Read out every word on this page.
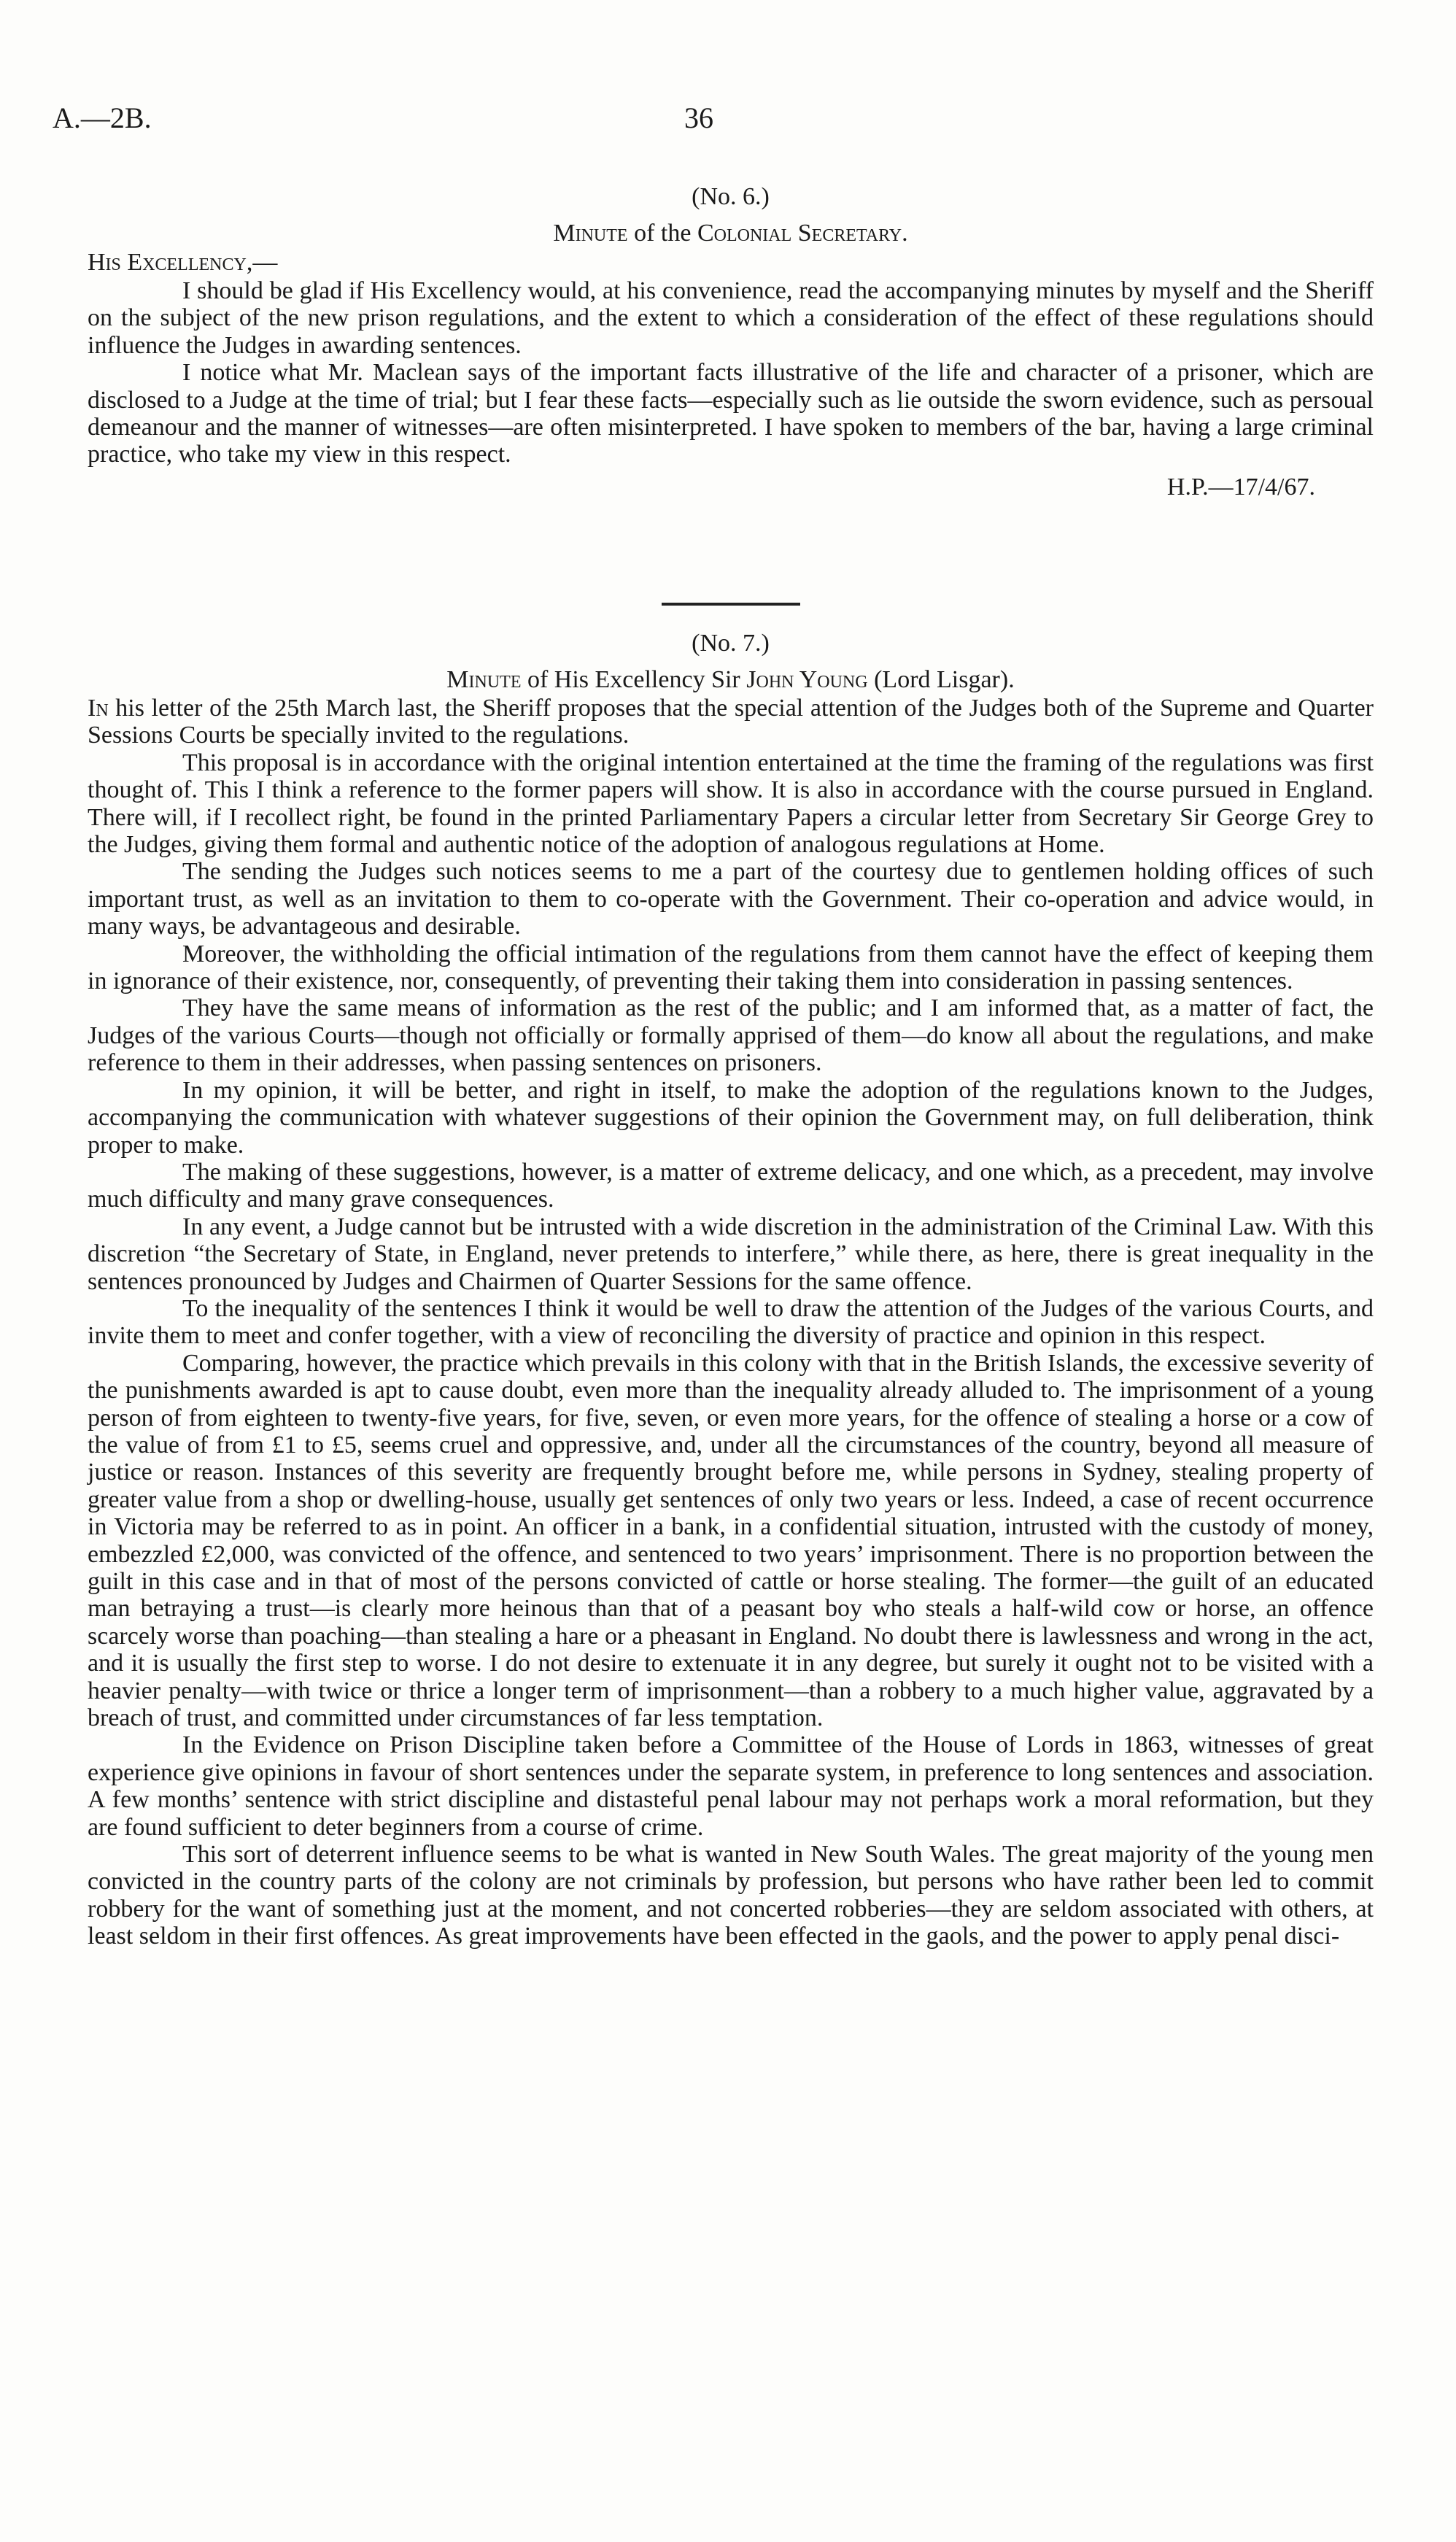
A.—2B.	36
(No. 6.)
Minute of the Colonial Secretary.
His Excellency,—

I should be glad if His Excellency would, at his convenience, read the accompanying minutes by myself and the Sheriff on the subject of the new prison regulations, and the extent to which a consideration of the effect of these regulations should influence the Judges in awarding sentences.

I notice what Mr. Maclean says of the important facts illustrative of the life and character of a prisoner, which are disclosed to a Judge at the time of trial; but I fear these facts—especially such as lie outside the sworn evidence, such as persoual demeanour and the manner of witnesses—are often misinterpreted. I have spoken to members of the bar, having a large criminal practice, who take my view in this respect.

H.P.—17/4/67.
(No. 7.)
Minute of His Excellency Sir John Young (Lord Lisgar).

In his letter of the 25th March last, the Sheriff proposes that the special attention of the Judges both of the Supreme and Quarter Sessions Courts be specially invited to the regulations.

This proposal is in accordance with the original intention entertained at the time the framing of the regulations was first thought of. This I think a reference to the former papers will show. It is also in accordance with the course pursued in England. There will, if I recollect right, be found in the printed Parliamentary Papers a circular letter from Secretary Sir George Grey to the Judges, giving them formal and authentic notice of the adoption of analogous regulations at Home.

The sending the Judges such notices seems to me a part of the courtesy due to gentlemen holding offices of such important trust, as well as an invitation to them to co-operate with the Government. Their co-operation and advice would, in many ways, be advantageous and desirable.

Moreover, the withholding the official intimation of the regulations from them cannot have the effect of keeping them in ignorance of their existence, nor, consequently, of preventing their taking them into consideration in passing sentences.

They have the same means of information as the rest of the public; and I am informed that, as a matter of fact, the Judges of the various Courts—though not officially or formally apprised of them—do know all about the regulations, and make reference to them in their addresses, when passing sentences on prisoners.

In my opinion, it will be better, and right in itself, to make the adoption of the regulations known to the Judges, accompanying the communication with whatever suggestions of their opinion the Government may, on full deliberation, think proper to make.

The making of these suggestions, however, is a matter of extreme delicacy, and one which, as a precedent, may involve much difficulty and many grave consequences.

In any event, a Judge cannot but be intrusted with a wide discretion in the administration of the Criminal Law. With this discretion “the Secretary of State, in England, never pretends to interfere,” while there, as here, there is great inequality in the sentences pronounced by Judges and Chairmen of Quarter Sessions for the same offence.

To the inequality of the sentences I think it would be well to draw the attention of the Judges of the various Courts, and invite them to meet and confer together, with a view of reconciling the diversity of practice and opinion in this respect.

Comparing, however, the practice which prevails in this colony with that in the British Islands, the excessive severity of the punishments awarded is apt to cause doubt, even more than the inequality already alluded to. The imprisonment of a young person of from eighteen to twenty-five years, for five, seven, or even more years, for the offence of stealing a horse or a cow of the value of from £1 to £5, seems cruel and oppressive, and, under all the circumstances of the country, beyond all measure of justice or reason. Instances of this severity are frequently brought before me, while persons in Sydney, stealing property of greater value from a shop or dwelling-house, usually get sentences of only two years or less. Indeed, a case of recent occurrence in Victoria may be referred to as in point. An officer in a bank, in a confidential situation, intrusted with the custody of money, embezzled £2,000, was convicted of the offence, and sentenced to two years’ imprisonment. There is no proportion between the guilt in this case and in that of most of the persons convicted of cattle or horse stealing. The former—the guilt of an educated man betraying a trust—is clearly more heinous than that of a peasant boy who steals a half-wild cow or horse, an offence scarcely worse than poaching—than stealing a hare or a pheasant in England. No doubt there is lawlessness and wrong in the act, and it is usually the first step to worse. I do not desire to extenuate it in any degree, but surely it ought not to be visited with a heavier penalty—with twice or thrice a longer term of imprisonment—than a robbery to a much higher value, aggravated by a breach of trust, and committed under circumstances of far less temptation.

In the Evidence on Prison Discipline taken before a Committee of the House of Lords in 1863, witnesses of great experience give opinions in favour of short sentences under the separate system, in preference to long sentences and association. A few months’ sentence with strict discipline and distasteful penal labour may not perhaps work a moral reformation, but they are found sufficient to deter beginners from a course of crime.

This sort of deterrent influence seems to be what is wanted in New South Wales. The great majority of the young men convicted in the country parts of the colony are not criminals by profession, but persons who have rather been led to commit robbery for the want of something just at the moment, and not concerted robberies—they are seldom associated with others, at least seldom in their first offences. As great improvements have been effected in the gaols, and the power to apply penal disci-
